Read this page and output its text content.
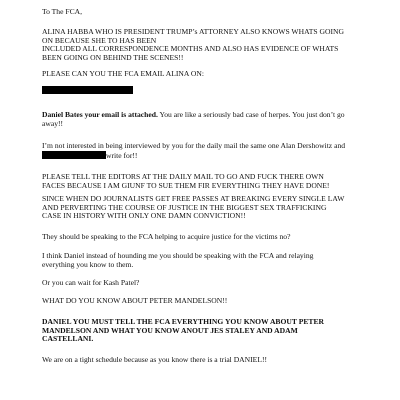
To The FCA,

ALINA HABBA WHO IS PRESIDENT TRUMP’s ATTORNEY ALSO KNOWS WHATS GOING
ON BECAUSE SHE TO HAS BEEN
INCLUDED ALL CORRESPONDENCE MONTHS AND ALSO HAS EVIDENCE OF WHATS
BEEN GOING ON BEHIND THE SCENES!!

PLEASE CAN YOU THE FCA EMAIL ALINA ON:

Daniel Bates your email is attached. You are like a seriously bad case of herpes. You just don’t go
away!!

I’m not interested in being interviewed by you for the daily mail the same one Alan Dershowitz and
write for!!

PLEASE TELL THE EDITORS AT THE DAILY MAIL TO GO AND FUCK THERE OWN
FACES BECAUSE I AM GIUNF TO SUE THEM FIR EVERYTHING THEY HAVE DONE!

SINCE WHEN DO JOURNALISTS GET FREE PASSES AT BREAKING EVERY SINGLE LAW
AND PERVERTING THE COURSE OF JUSTICE IN THE BIGGEST SEX TRAFFICKING
CASE IN HISTORY WITH ONLY ONE DAMN CONVICTION!!

They should be speaking to the FCA helping to acquire justice for the victims no?

I think Daniel instead of hounding me you should be speaking with the FCA and relaying
everything you know to them.

Or you can wait for Kash Patel?

WHAT DO YOU KNOW ABOUT PETER MANDELSON!!

DANIEL YOU MUST TELL THE FCA EVERYTHING YOU KNOW ABOUT PETER
MANDELSON AND WHAT YOU KNOW ANOUT JES STALEY AND ADAM
CASTELLANI.

We are on a tight schedule because as you know there is a trial DANIEL!!
